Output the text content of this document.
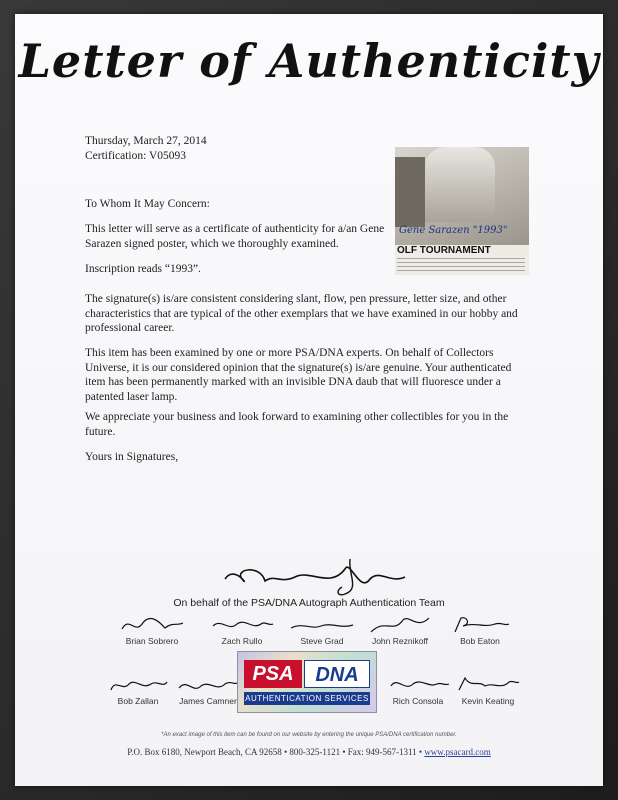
Letter of Authenticity
Thursday, March 27, 2014
Certification: V05093
Gene Sarazen "1993"
OLF TOURNAMENT
To Whom It May Concern:
This letter will serve as a certificate of authenticity for a/an Gene
Sarazen signed poster, which we thoroughly examined.
Inscription reads “1993”.
The signature(s) is/are consistent considering slant, flow, pen pressure, letter size, and other
characteristics that are typical of the other exemplars that we have examined in our hobby and
professional career.
This item has been examined by one or more PSA/DNA experts. On behalf of Collectors
Universe, it is our considered opinion that the signature(s) is/are genuine. Your authenticated
item has been permanently marked with an invisible DNA daub that will fluoresce under a
patented laser lamp.
We appreciate your business and look forward to examining other collectibles for you in the
future.
Yours in Signatures,
On behalf of the PSA/DNA Autograph Authentication Team
Brian Sobrero	Zach Rullo	Steve Grad	John Reznikoff	Bob Eaton
Bob Zallan	James Camner	Rich Consola	Kevin Keating
PSA	DNA
AUTHENTICATION SERVICES
*An exact image of this item can be found on our website by entering the unique PSA/DNA certification number.
P.O. Box 6180, Newport Beach, CA 92658 • 800-325-1121 • Fax: 949-567-1311 • www.psacard.com
